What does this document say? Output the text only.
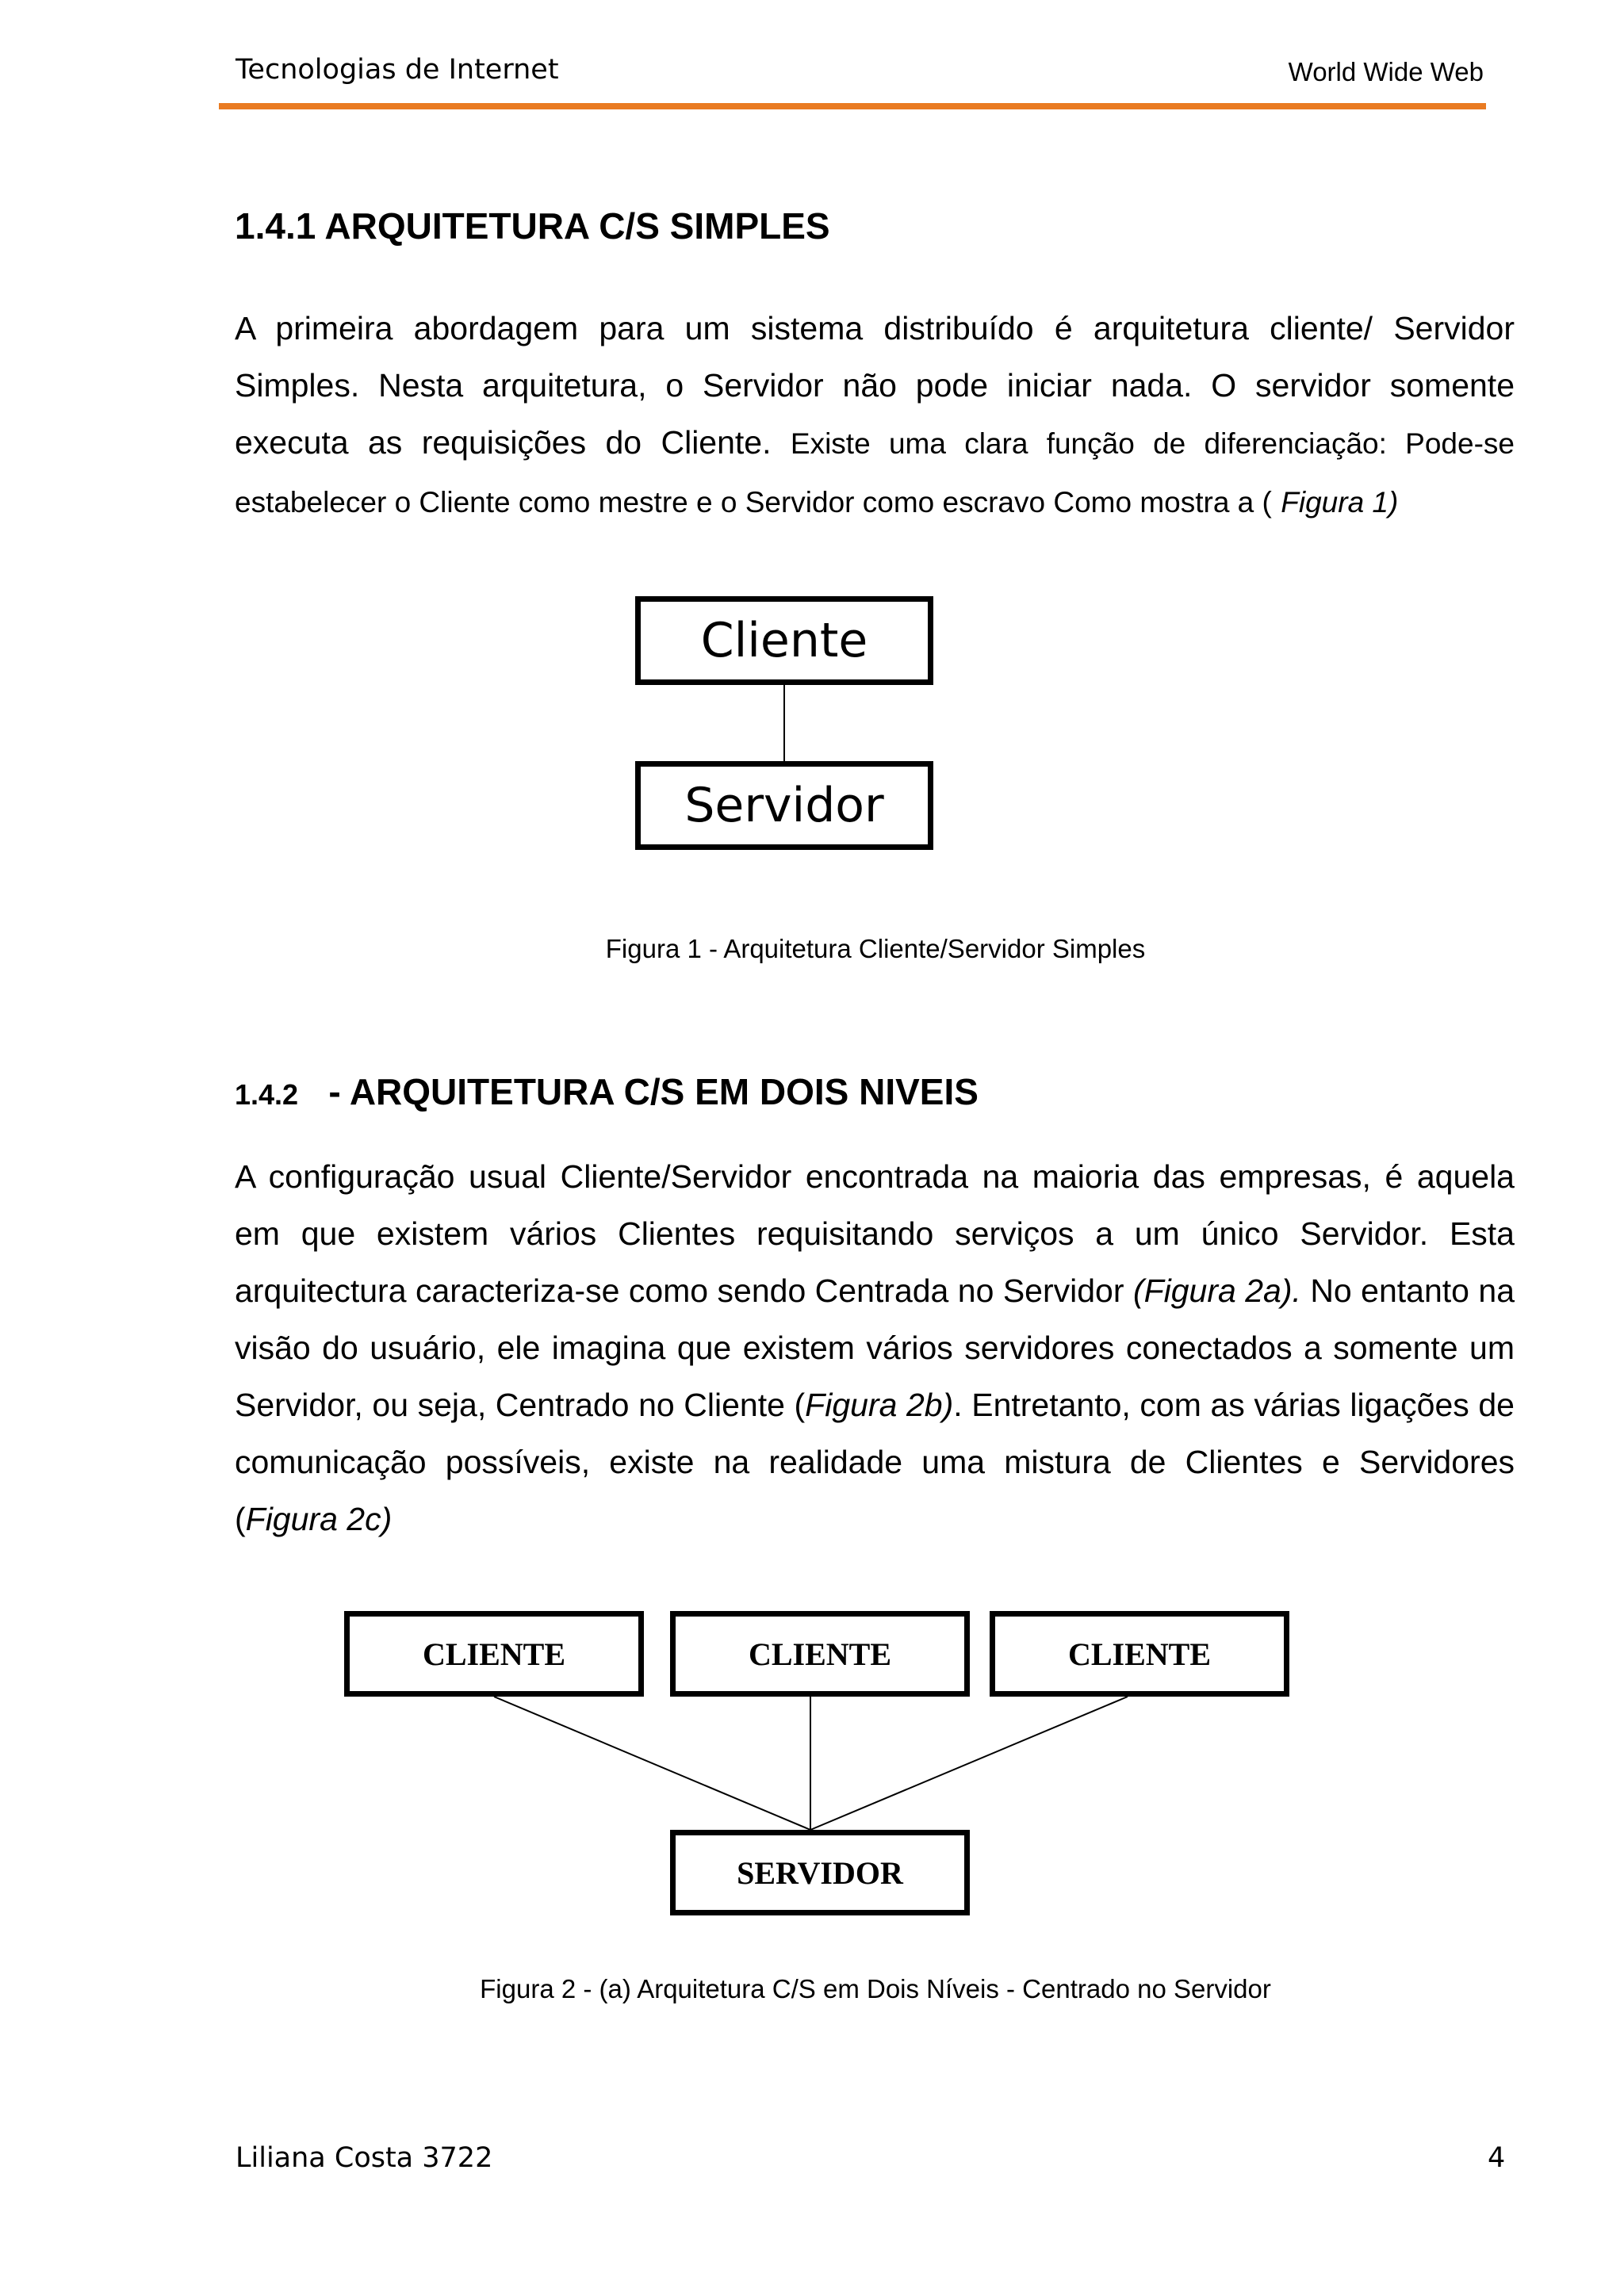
Tecnologias de Internet	World Wide Web
1.4.1 ARQUITETURA C/S SIMPLES

A primeira abordagem para um sistema distribuído é arquitetura cliente/ Servidor Simples. Nesta arquitetura, o Servidor não pode iniciar nada. O servidor somente executa as requisições do Cliente. Existe uma clara função de diferenciação: Pode-se estabelecer o Cliente como mestre e o Servidor como escravo Como mostra a ( Figura 1)

Cliente
Servidor
Figura 1 - Arquitetura Cliente/Servidor Simples
1.4.2 - ARQUITETURA C/S EM DOIS NIVEIS

A configuração usual Cliente/Servidor encontrada na maioria das empresas, é aquela em que existem vários Clientes requisitando serviços a um único Servidor. Esta arquitectura caracteriza-se como sendo Centrada no Servidor (Figura 2a). No entanto na visão do usuário, ele imagina que existem vários servidores conectados a somente um Servidor, ou seja, Centrado no Cliente (Figura 2b). Entretanto, com as várias ligações de comunicação possíveis, existe na realidade uma mistura de Clientes e Servidores (Figura 2c)

CLIENTE	CLIENTE	CLIENTE
SERVIDOR
Figura 2 - (a) Arquitetura C/S em Dois Níveis - Centrado no Servidor
Liliana Costa 3722	4
